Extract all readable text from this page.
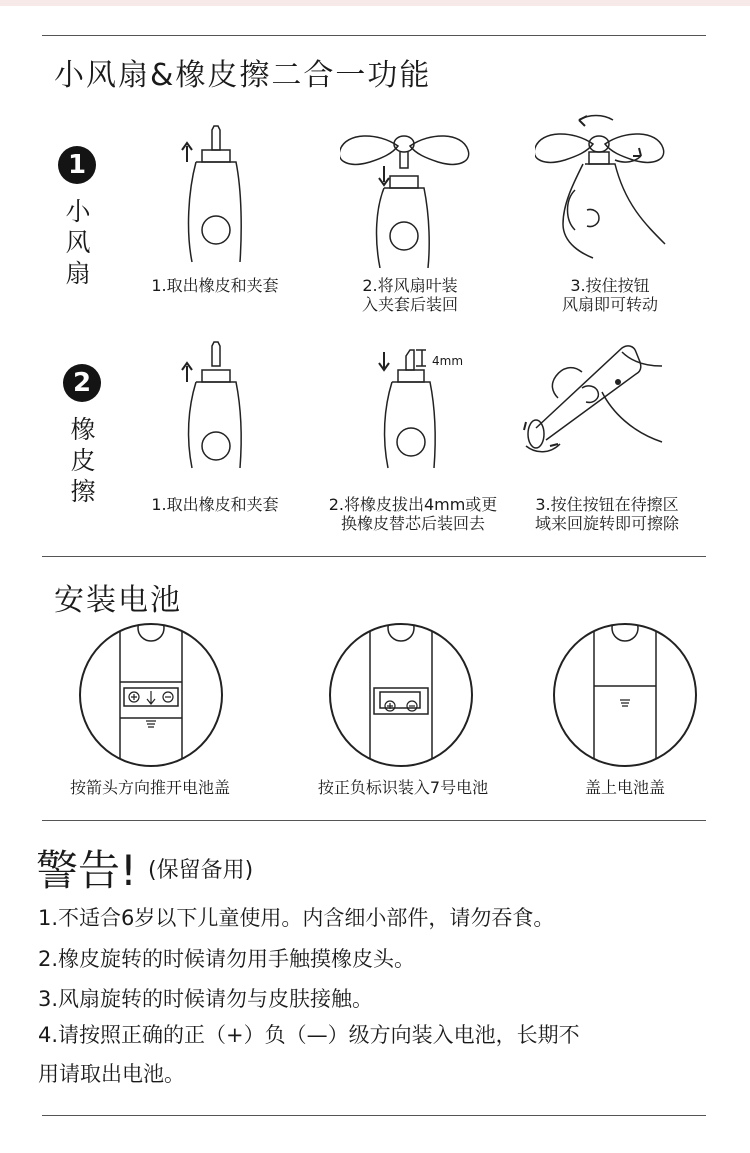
小风扇&橡皮擦二合一功能
1
小
风
扇	1.取出橡皮和夹套	2.将风扇叶装
入夹套后装回
3.按住按钮
风扇即可转动
2
橡
皮
擦
4mm
1.取出橡皮和夹套	2.将橡皮拔出4mm或更
换橡皮替芯后装回去
3.按住按钮在待擦区
域来回旋转即可擦除
安装电池
按箭头方向推开电池盖	按正负标识装入7号电池	盖上电池盖
警告! (保留备用)
1.不适合6岁以下儿童使用。内含细小部件，请勿吞食。
2.橡皮旋转的时候请勿用手触摸橡皮头。
3.风扇旋转的时候请勿与皮肤接触。
4.请按照正确的正（+）负（—）级方向装入电池，长期不
用请取出电池。
